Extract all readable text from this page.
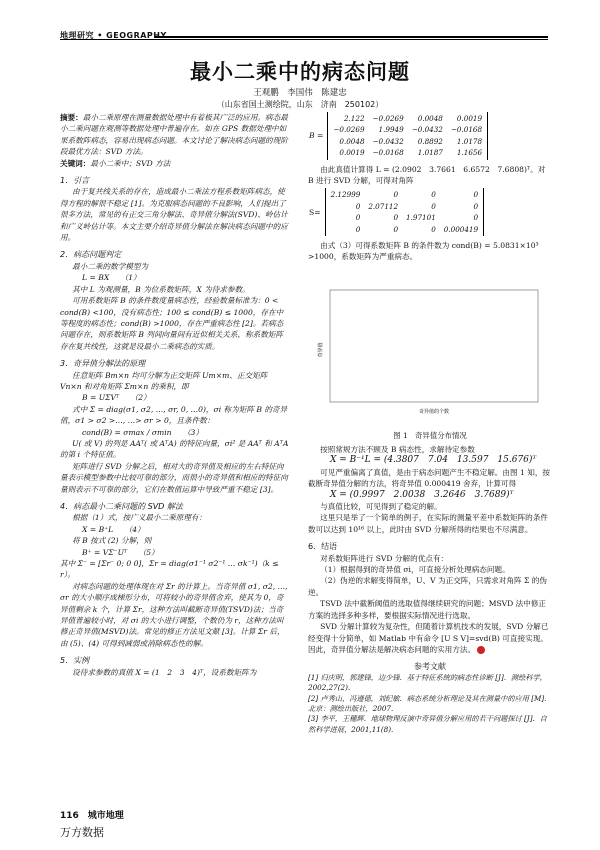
地理研究 • GEOGRAPHY
最小二乘中的病态问题
王观鹏　李国伟　陈建忠
（山东省国土测绘院，山东　济南　250102）

摘要：最小二乘原理在测量数据处理中有着极其广泛的应用。病态最小二乘问题在观测等数据处理中普遍存在。如在 GPS 数据处理中如果系数阵病态，容易出现病态问题。本文讨论了解决病态问题的现阶段最优方法：SVD 方法。

关键词：最小二乘中；SVD 方法

1．引言

由于复共线关系的存在，造成最小二乘法方程系数矩阵病态，使得方程的解很不稳定 [1]。为克服病态问题的不良影响，人们提出了很多方法，常见的有正交三角分解法、奇异值分解法(SVD)、岭估计和广义岭估计等。本文主要介绍奇异值分解法在解决病态问题中的应用。

2．病态问题判定

最小二乘的数学模型为

L = BX　　（1）

其中 L 为观测量，B 为位系数矩阵，X 为待求参数。

可用系数矩阵 B 的条件数度量病态性，经验数量标准为：0 < cond(B) <100，没有病态性；100 ≤ cond(B) ≤ 1000，存在中等程度的病态性；cond(B) >1000，存在严重病态性 [2]。若病态问题存在，则系数矩阵 B 列间向量间有近似相关关系，称系数矩阵存在复共线性，这就是设最小二乘病态的实质。

3．奇异值分解法的原理

任意矩阵 Bm×n 均可分解为正交矩阵 Um×m、正交矩阵 Vn×n 和对角矩阵 Σm×n 的乘积，即

B = UΣVᵀ　　（2）

式中 Σ = diag(σ1, σ2, …, σr, 0, …0)，σi 称为矩阵 B 的奇异值，σ1 > σ2 >…, …> σr > 0，且条件数：

cond(B) = σmax / σmin　　（3）

U( 或 V) 的列是 AAᵀ( 或 AᵀA) 的特征向量，σi² 是 AAᵀ 和 AᵀA 的第 i 个特征值。

矩阵进行 SVD 分解之后，相对大的奇异值及相应的左右特征向量表示模型参数中比较可靠的部分，而很小的奇异值和相应的特征向量则表示不可靠的部分，它们在数值运算中导致严重不稳定 [3]。

4．病态最小二乘问题的 SVD 解法

根据（1）式，按广义最小二乘原理有：

X = B⁺L　　（4）

将 B 按式 (2) 分解，则

B⁺ = VΣ⁻Uᵀ　　（5）

其中 Σ⁻ = [Σr⁻ 0; 0 0]，Σr = diag(σ1⁻¹ σ2⁻¹ … σk⁻¹)（k ≤ r）。

对病态问题的处理体现在对 Σr 的计算上。当奇异值 σ1, σ2, …, σr 的大小顺序成梯形分布，可将较小的奇异值舍弃，使其为 0，奇异值剩余 k 个，计算 Σr，这种方法叫截断奇异值(TSVD)法；当奇异值普遍较小时，对 σi 的大小进行调整，个数仍为 r，这种方法叫修正奇异值(MSVD)法。常见的修正方法见文献 [3]。计算 Σr 后，由 (5)、(4) 可得到减弱或消除病态性的解。

5．实例

设待求参数的真值 X = (1　2　3　4)ᵀ，设系数矩阵为

B =	
2.122	−0.0269	0.0048	0.0019
−0.0269	1.9949	−0.0432	−0.0168
0.0048	−0.0432	0.8892	1.0178
0.0019	−0.0168	1.0187	1.1656

由此真值计算得 L = (2.0902　3.7661　6.6572　7.6808)ᵀ。对 B 进行 SVD 分解，可得对角阵

S=	
2.12999	0	0	0
0	2.07112	0	0
0	0	1.97101	0
0	0	0	0.000419

由式（3）可得系数矩阵 B 的条件数为 cond(B) = 5.0831×10³ >1000，系数矩阵为严重病态。

奇异值
奇异值的个数
图 1　奇异值分布情况

按照常规方法不顾及 B 病态性，求解待定参数

X = B⁻¹L = (4.3807　7.04　13.597　15.676)ᵀ

可见严重偏离了真值，是由于病态问题产生不稳定解。由图 1 知，按截断奇异值分解的方法，将奇异值 0.000419 舍弃，计算可得

X = (0.9997　2.0038　3.2646　3.7689)ᵀ

与真值比较，可见得到了稳定的解。

这里只是举了一个简单的例子，在实际的测量平差中系数矩阵的条件数可以达到 10¹⁶ 以上，此时由 SVD 分解所得的结果也不尽满意。

6．结语

对系数矩阵进行 SVD 分解的优点有：

（1）根据得到的奇异值 σi，可直接分析处理病态问题。

（2）伪逆的求解变得简单，U、V 为正交阵，只需求对角阵 Σ 的伪逆。

TSVD 法中截断阈值的选取值得继续研究的问题；MSVD 法中修正方案的选择多种多样，要根据实际情况进行选取。

SVD 分解计算较为复杂性，但随着计算机技术的发展，SVD 分解已经变得十分简单，如 Matlab 中有命令 [U S V]=svd(B) 可直接实现。因此，奇异值分解法是解决病态问题的实用方法。

参考文献

[1] 归庆明，郭建锋，边少锋．基于特征系统的病态性诊断 [J]．测绘科学，2002,27(2).

[2] 卢秀山，冯遵德，刘纪敏．病态系统分析理论及其在测量中的应用 [M]．北京：测绘出版社，2007.

[3] 李平，王穗辉．地球物理反演中奇异值分解应用的若干问题探讨 [J]．自然科学进展，2001,11(8).

116　城市地理
万方数据
